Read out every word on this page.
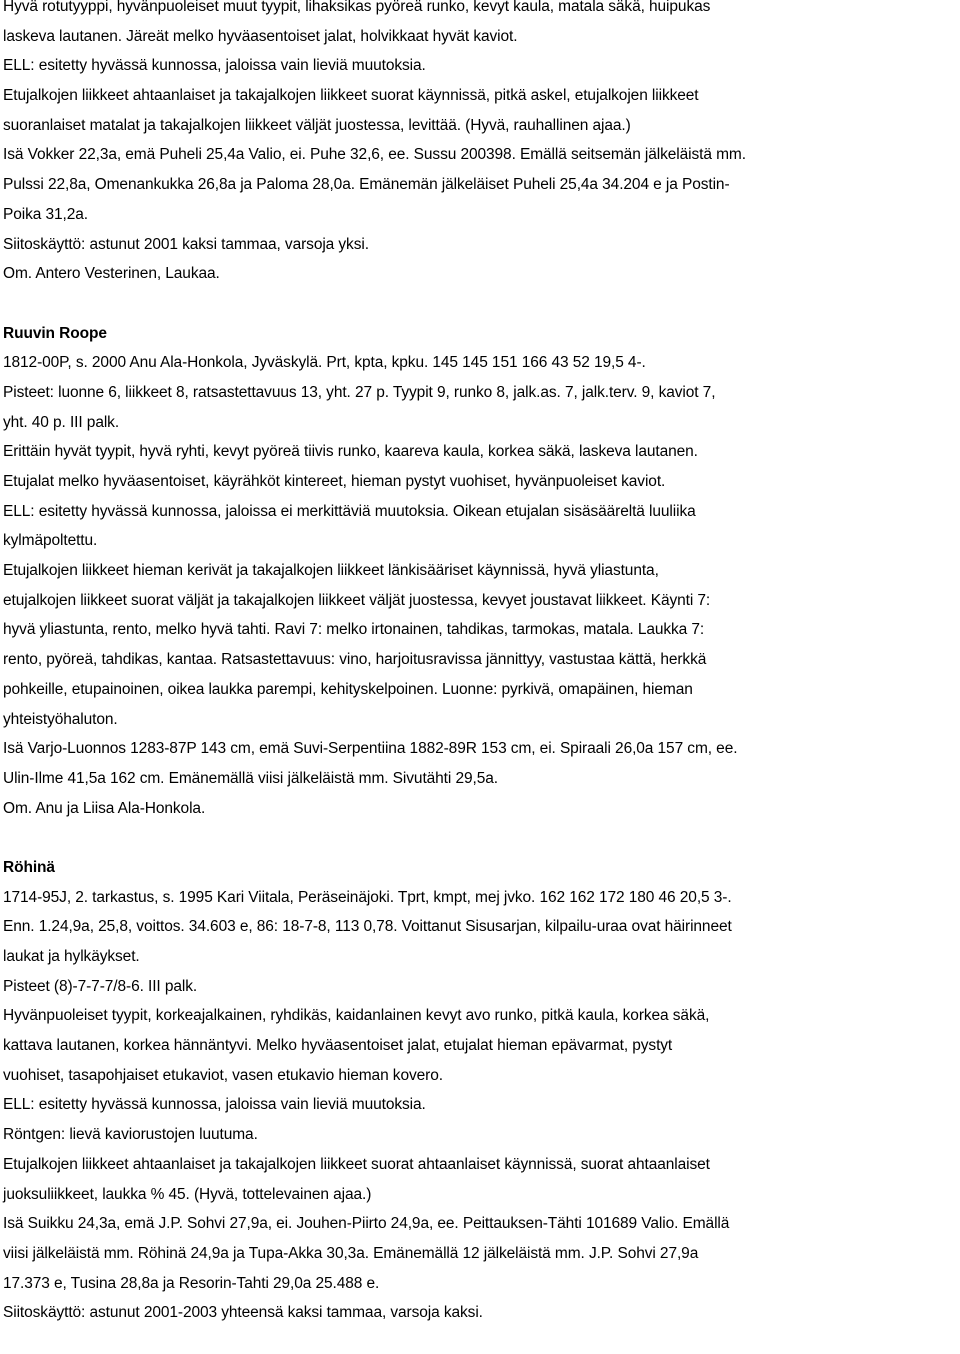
Hyvä rotutyyppi, hyvänpuoleiset muut tyypit, lihaksikas pyöreä runko, kevyt kaula, matala säkä, huipukas
laskeva lautanen. Järeät melko hyväasentoiset jalat, holvikkaat hyvät kaviot.
ELL: esitetty hyvässä kunnossa, jaloissa vain lieviä muutoksia.
Etujalkojen liikkeet ahtaanlaiset ja takajalkojen liikkeet suorat käynnissä, pitkä askel, etujalkojen liikkeet
suoranlaiset matalat ja takajalkojen liikkeet väljät juostessa, levittää. (Hyvä, rauhallinen ajaa.)
Isä Vokker 22,3a, emä Puheli 25,4a Valio, ei. Puhe 32,6, ee. Sussu 200398. Emällä seitsemän jälkeläistä mm.
Pulssi 22,8a, Omenankukka 26,8a ja Paloma 28,0a. Emänemän jälkeläiset Puheli 25,4a 34.204 e ja Postin-
Poika 31,2a.
Siitoskäyttö: astunut 2001 kaksi tammaa, varsoja yksi.
Om. Antero Vesterinen, Laukaa.
Ruuvin Roope
1812-00P, s. 2000 Anu Ala-Honkola, Jyväskylä. Prt, kpta, kpku. 145 145 151 166 43 52 19,5 4-.
Pisteet: luonne 6, liikkeet 8, ratsastettavuus 13, yht. 27 p. Tyypit 9, runko 8, jalk.as. 7, jalk.terv. 9, kaviot 7,
yht. 40 p. III palk.
Erittäin hyvät tyypit, hyvä ryhti, kevyt pyöreä tiivis runko, kaareva kaula, korkea säkä, laskeva lautanen.
Etujalat melko hyväasentoiset, käyrähköt kintereet, hieman pystyt vuohiset, hyvänpuoleiset kaviot.
ELL: esitetty hyvässä kunnossa, jaloissa ei merkittäviä muutoksia. Oikean etujalan sisäsääreltä luuliika
kylmäpoltettu.
Etujalkojen liikkeet hieman kerivät ja takajalkojen liikkeet länkisääriset käynnissä, hyvä yliastunta,
etujalkojen liikkeet suorat väljät ja takajalkojen liikkeet väljät juostessa, kevyet joustavat liikkeet. Käynti 7:
hyvä yliastunta, rento, melko hyvä tahti. Ravi 7: melko irtonainen, tahdikas, tarmokas, matala. Laukka 7:
rento, pyöreä, tahdikas, kantaa. Ratsastettavuus: vino, harjoitusravissa jännittyy, vastustaa kättä, herkkä
pohkeille, etupainoinen, oikea laukka parempi, kehityskelpoinen. Luonne: pyrkivä, omapäinen, hieman
yhteistyöhaluton.
Isä Varjo-Luonnos 1283-87P 143 cm, emä Suvi-Serpentiina 1882-89R 153 cm, ei. Spiraali 26,0a 157 cm, ee.
Ulin-Ilme 41,5a 162 cm. Emänemällä viisi jälkeläistä mm. Sivutähti 29,5a.
Om. Anu ja Liisa Ala-Honkola.
Röhinä
1714-95J, 2. tarkastus, s. 1995 Kari Viitala, Peräseinäjoki. Tprt, kmpt, mej jvko. 162 162 172 180 46 20,5 3-.
Enn. 1.24,9a, 25,8, voittos. 34.603 e, 86: 18-7-8, 113 0,78. Voittanut Sisusarjan, kilpailu-uraa ovat häirinneet
laukat ja hylkäykset.
Pisteet (8)-7-7-7/8-6. III palk.
Hyvänpuoleiset tyypit, korkeajalkainen, ryhdikäs, kaidanlainen kevyt avo runko, pitkä kaula, korkea säkä,
kattava lautanen, korkea hännäntyvi. Melko hyväasentoiset jalat, etujalat hieman epävarmat, pystyt
vuohiset, tasapohjaiset etukaviot, vasen etukavio hieman kovero.
ELL: esitetty hyvässä kunnossa, jaloissa vain lieviä muutoksia.
Röntgen: lievä kaviorustojen luutuma.
Etujalkojen liikkeet ahtaanlaiset ja takajalkojen liikkeet suorat ahtaanlaiset käynnissä, suorat ahtaanlaiset
juoksuliikkeet, laukka % 45. (Hyvä, tottelevainen ajaa.)
Isä Suikku 24,3a, emä J.P. Sohvi 27,9a, ei. Jouhen-Piirto 24,9a, ee. Peittauksen-Tähti 101689 Valio. Emällä
viisi jälkeläistä mm. Röhinä 24,9a ja Tupa-Akka 30,3a. Emänemällä 12 jälkeläistä mm. J.P. Sohvi 27,9a
17.373 e, Tusina 28,8a ja Resorin-Tahti 29,0a 25.488 e.
Siitoskäyttö: astunut 2001-2003 yhteensä kaksi tammaa, varsoja kaksi.
